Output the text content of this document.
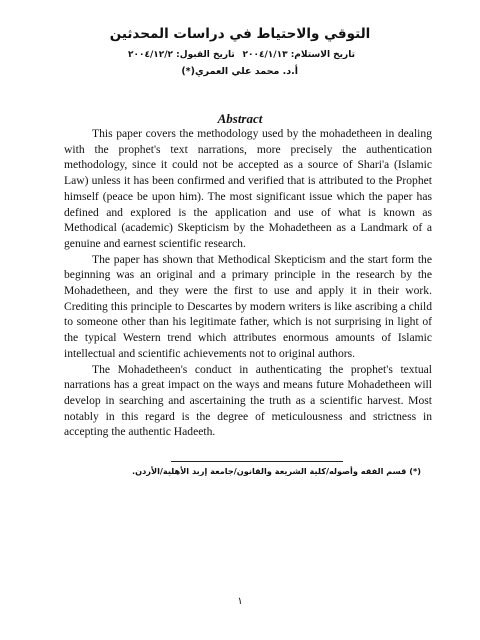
التوقي والاحتياط في دراسات المحدثين
تاريخ الاستلام: ٢٠٠٤/١/١٣
تاريخ القبول: ٢٠٠٤/١٢/٢
أ.د. محمد علي العمري(*)
Abstract

This paper covers the methodology used by the mohadetheen in dealing with the prophet's text narrations, more precisely the authentication methodology, since it could not be accepted as a source of Shari'a (Islamic Law) unless it has been confirmed and verified that is attributed to the Prophet himself (peace be upon him). The most significant issue which the paper has defined and explored is the application and use of what is known as Methodical (academic) Skepticism by the Mohadetheen as a Landmark of a genuine and earnest scientific research.

The paper has shown that Methodical Skepticism and the start form the beginning was an original and a primary principle in the research by the Mohadetheen, and they were the first to use and apply it in their work. Crediting this principle to Descartes by modern writers is like ascribing a child to someone other than his legitimate father, which is not surprising in light of the typical Western trend which attributes enormous amounts of Islamic intellectual and scientific achievements not to original authors.

The Mohadetheen's conduct in authenticating the prophet's textual narrations has a great impact on the ways and means future Mohadetheen will develop in searching and ascertaining the truth as a scientific harvest. Most notably in this regard is the degree of meticulousness and strictness in accepting the authentic Hadeeth.

(*) قسم الفقه وأصوله/كلية الشريعة والقانون/جامعة إربد الأهلية/الأردن.
١
